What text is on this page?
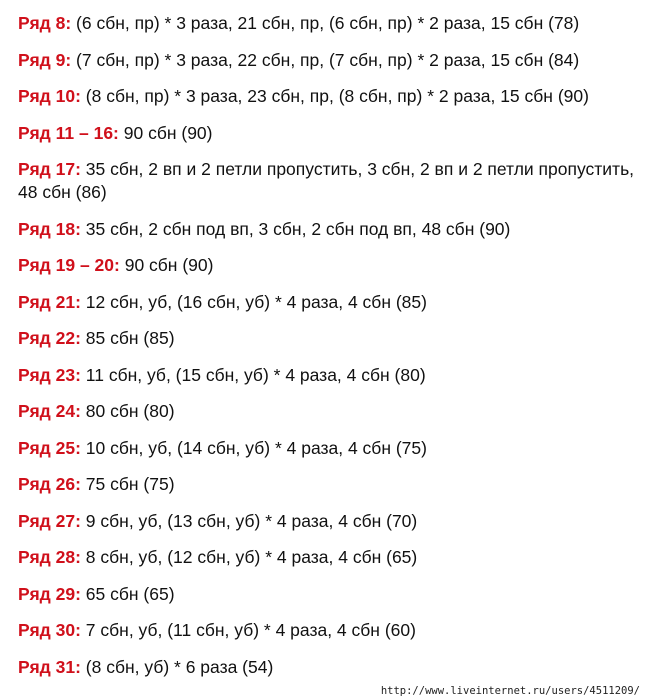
Ряд 8: (6 сбн, пр) * 3 раза, 21 сбн, пр, (6 сбн, пр) * 2 раза, 15 сбн (78)
Ряд 9: (7 сбн, пр) * 3 раза, 22 сбн, пр, (7 сбн, пр) * 2 раза, 15 сбн (84)
Ряд 10: (8 сбн, пр) * 3 раза, 23 сбн, пр, (8 сбн, пр) * 2 раза, 15 сбн (90)
Ряд 11 – 16: 90 сбн (90)
Ряд 17: 35 сбн, 2 вп и 2 петли пропустить, 3 сбн, 2 вп и 2 петли пропустить, 48 сбн (86)
Ряд 18: 35 сбн, 2 сбн под вп, 3 сбн, 2 сбн под вп, 48 сбн (90)
Ряд 19 – 20: 90 сбн (90)
Ряд 21: 12 сбн, уб, (16 сбн, уб) * 4 раза, 4 сбн (85)
Ряд 22: 85 сбн (85)
Ряд 23: 11 сбн, уб, (15 сбн, уб) * 4 раза, 4 сбн (80)
Ряд 24: 80 сбн (80)
Ряд 25: 10 сбн, уб, (14 сбн, уб) * 4 раза, 4 сбн (75)
Ряд 26: 75 сбн (75)
Ряд 27: 9 сбн, уб, (13 сбн, уб) * 4 раза, 4 сбн (70)
Ряд 28: 8 сбн, уб, (12 сбн, уб) * 4 раза, 4 сбн (65)
Ряд 29: 65 сбн (65)
Ряд 30: 7 сбн, уб, (11 сбн, уб) * 4 раза, 4 сбн (60)
Ряд 31: (8 сбн, уб) * 6 раза (54)
http://www.liveinternet.ru/users/4511209/
